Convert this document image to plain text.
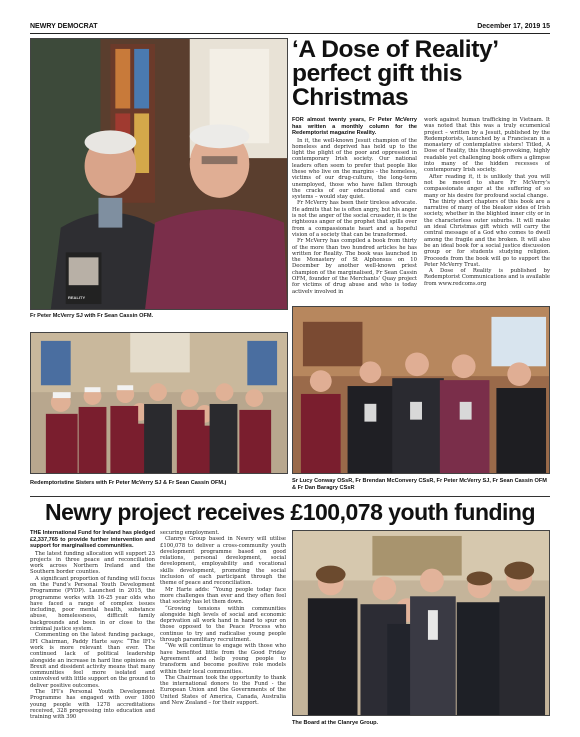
NEWRY DEMOCRAT	December 17, 2019 15
REALITY
Fr Peter McVerry SJ with Fr Sean Cassin OFM.
‘A Dose of Reality’
perfect gift this
Christmas

FOR almost twenty years, Fr Peter McVerry has written a monthly column for the Redemptorist magazine Reality.

In it, the well-known Jesuit champion of the homeless and deprived has held up to the light the plight of the poor and oppressed in contemporary Irish society. Our national leaders often seem to prefer that people like these who live on the margins - the homeless, victims of our drug-culture, the long-term unemployed, those who have fallen through the cracks of our educational and care systems – would stay quiet.

Fr McVerry has been their tireless advocate. He admits that he is often angry, but his anger is not the anger of the social crusader, it is the righteous anger of the prophet that spills over from a compassionate heart and a hopeful vision of a society that can be transformed.

Fr McVerry has compiled a book from thirty of the more than two hundred articles he has written for Reality. The book was launched in the Monastery of St Alphonsus on 10 December by another well-known priest champion of the marginalised, Fr Sean Cassin OFM, founder of the Merchants’ Quay project for victims of drug abuse and who is today actively involved in

work against human trafficking in Vietnam. It was noted that this was a truly ecumenical project – written by a Jesuit, published by the Redemptorists, launched by a Franciscan in a monastery of contemplative sisters! Titled, A Dose of Reality, this thought-provoking, highly readable yet challenging book offers a glimpse into many of the hidden recesses of contemporary Irish society.

After reading it, it is unlikely that you will not be moved to share Fr McVerry’s compassionate anger at the suffering of so many or his desire for profound social change.

The thirty short chapters of this book are a narrative of many of the bleaker sides of Irish society, whether in the blighted inner city or in the characterless outer suburbs. It will make an ideal Christmas gift which will carry the central message of a God who comes to dwell among the fragile and the broken. It will also be an ideal book for a social justice discussion group or for students studying religion. Proceeds from the book will go to support the Peter McVerry Trust.

A Dose of Reality is published by Redemptorist Communications and is available from www.redcoms.org

Redemptoristine Sisters with Fr Peter McVerry SJ & Fr Sean Cassin OFM.j	Sr Lucy Conway OSsR, Fr Brendan McConvery CSsR, Fr Peter McVerry SJ, Fr Sean Cassin OFM & Fr Dan Baragry CSsR
Newry project receives £100,078 youth funding

THE International Fund for Ireland has pledged £2,337,765 to provide further intervention and support for marginalised communities.

The latest funding allocation will support 23 projects in three peace and reconciliation work across Northern Ireland and the Southern border counties.

A significant proportion of funding will focus on the Fund’s Personal Youth Development Programme (PYDP). Launched in 2015, the programme works with 16-25 year olds who have faced a range of complex issues including, poor mental health, substance abuse, homelessness, difficult family backgrounds and been in or close to the criminal justice system.

Commenting on the latest funding package, IFI Chairman, Paddy Harte says: “The IFI’s work is more relevant than ever. The continued lack of political leadership alongside an increase in hard line opinions on Brexit and dissident activity means that many communities feel more isolated and uninvolved with little support on the ground to deliver positive outcomes.

The IFI’s Personal Youth Development Programme has engaged with over 1800 young people with 1278 accreditations received, 328 progressing into education and training with 390

securing employment.

Clanrye Group based in Newry will utilise £100,078 to deliver a cross-community youth development programme based on good relations, personal development, social development, employability and vocational skills development, promoting the social inclusion of each participant through the theme of peace and reconciliation.

Mr Harte adds: “Young people today face more challenges than ever and they often feel that society has let them down.

“Growing tensions within communities alongside high levels of social and economic deprivation all work hand in hand to spur on those opposed to the Peace Process who continue to try and radicalise young people through paramilitary recruitment.

“We will continue to engage with those who have benefited little from the Good Friday Agreement and help young people to transform and become positive role models within their local communities.

The Chairman took the opportunity to thank the international donors to the Fund - the European Union and the Governments of the United States of America, Canada, Australia and New Zealand – for their support.

The Board at the Clanrye Group.
